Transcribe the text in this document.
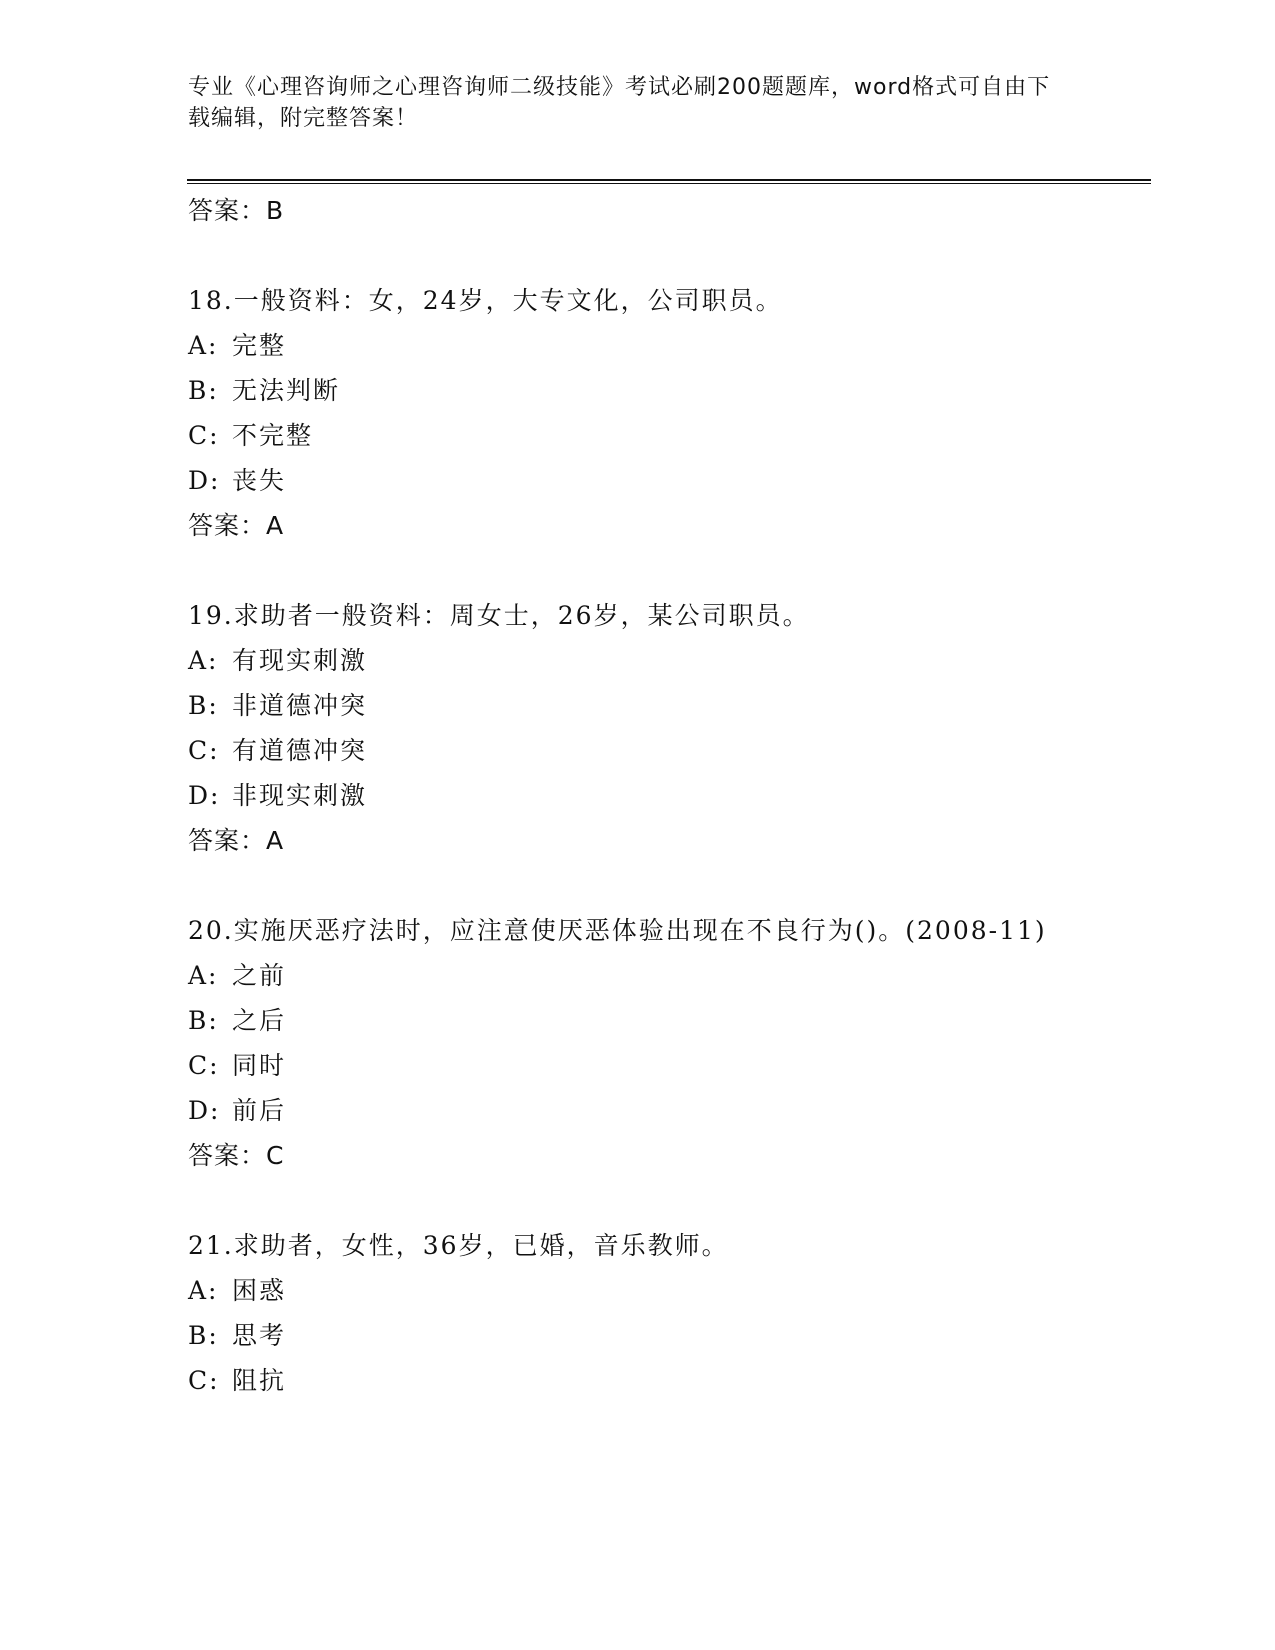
专业《心理咨询师之心理咨询师二级技能》考试必刷200题题库，word格式可自由下载编辑，附完整答案！
答案：B
18.一般资料：女，24岁，大专文化，公司职员。
A: 完整
B: 无法判断
C: 不完整
D: 丧失
答案：A
19.求助者一般资料：周女士，26岁，某公司职员。
A: 有现实刺激
B: 非道德冲突
C: 有道德冲突
D: 非现实刺激
答案：A
20.实施厌恶疗法时，应注意使厌恶体验出现在不良行为()。(2008-11)
A: 之前
B: 之后
C: 同时
D: 前后
答案：C
21.求助者，女性，36岁，已婚，音乐教师。
A: 困惑
B: 思考
C: 阻抗
